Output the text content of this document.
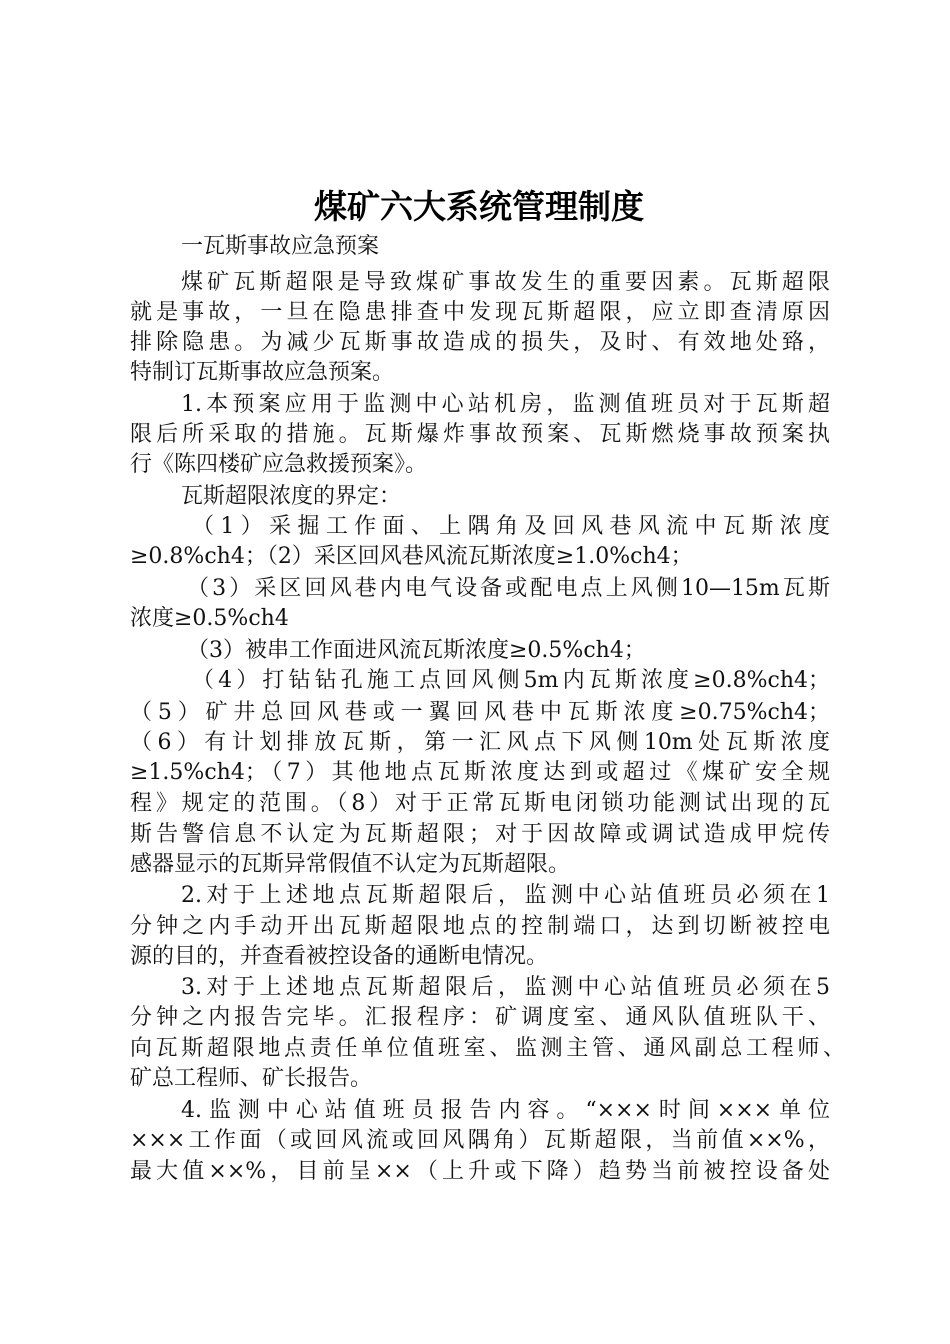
煤矿六大系统管理制度

一瓦斯事故应急预案

煤矿瓦斯超限是导致煤矿事故发生的重要因素。瓦斯超限

就是事故，一旦在隐患排查中发现瓦斯超限，应立即查清原因

排除隐患。为减少瓦斯事故造成的损失，及时、有效地处臵，

特制订瓦斯事故应急预案。

1.本预案应用于监测中心站机房，监测值班员对于瓦斯超

限后所采取的措施。瓦斯爆炸事故预案、瓦斯燃烧事故预案执

行《陈四楼矿应急救援预案》。

瓦斯超限浓度的界定：

（1）采掘工作面、上隅角及回风巷风流中瓦斯浓度

≥0.8%ch4；（2）采区回风巷风流瓦斯浓度≥1.0%ch4；

（3）采区回风巷内电气设备或配电点上风侧10—15m瓦斯

浓度≥0.5%ch4

（3）被串工作面进风流瓦斯浓度≥0.5%ch4；

（4）打钻钻孔施工点回风侧5m内瓦斯浓度≥0.8%ch4；

（5）矿井总回风巷或一翼回风巷中瓦斯浓度≥0.75%ch4；

（6）有计划排放瓦斯，第一汇风点下风侧10m处瓦斯浓度

≥1.5%ch4；（7）其他地点瓦斯浓度达到或超过《煤矿安全规

程》规定的范围。（8）对于正常瓦斯电闭锁功能测试出现的瓦

斯告警信息不认定为瓦斯超限；对于因故障或调试造成甲烷传

感器显示的瓦斯异常假值不认定为瓦斯超限。

2.对于上述地点瓦斯超限后，监测中心站值班员必须在1

分钟之内手动开出瓦斯超限地点的控制端口，达到切断被控电

源的目的，并查看被控设备的通断电情况。

3.对于上述地点瓦斯超限后，监测中心站值班员必须在5

分钟之内报告完毕。汇报程序：矿调度室、通风队值班队干、

向瓦斯超限地点责任单位值班室、监测主管、通风副总工程师、

矿总工程师、矿长报告。

4.监测中心站值班员报告内容。“×××时间×××单位

×××工作面（或回风流或回风隅角）瓦斯超限，当前值××%，

最大值××%，目前呈××（上升或下降）趋势当前被控设备处
